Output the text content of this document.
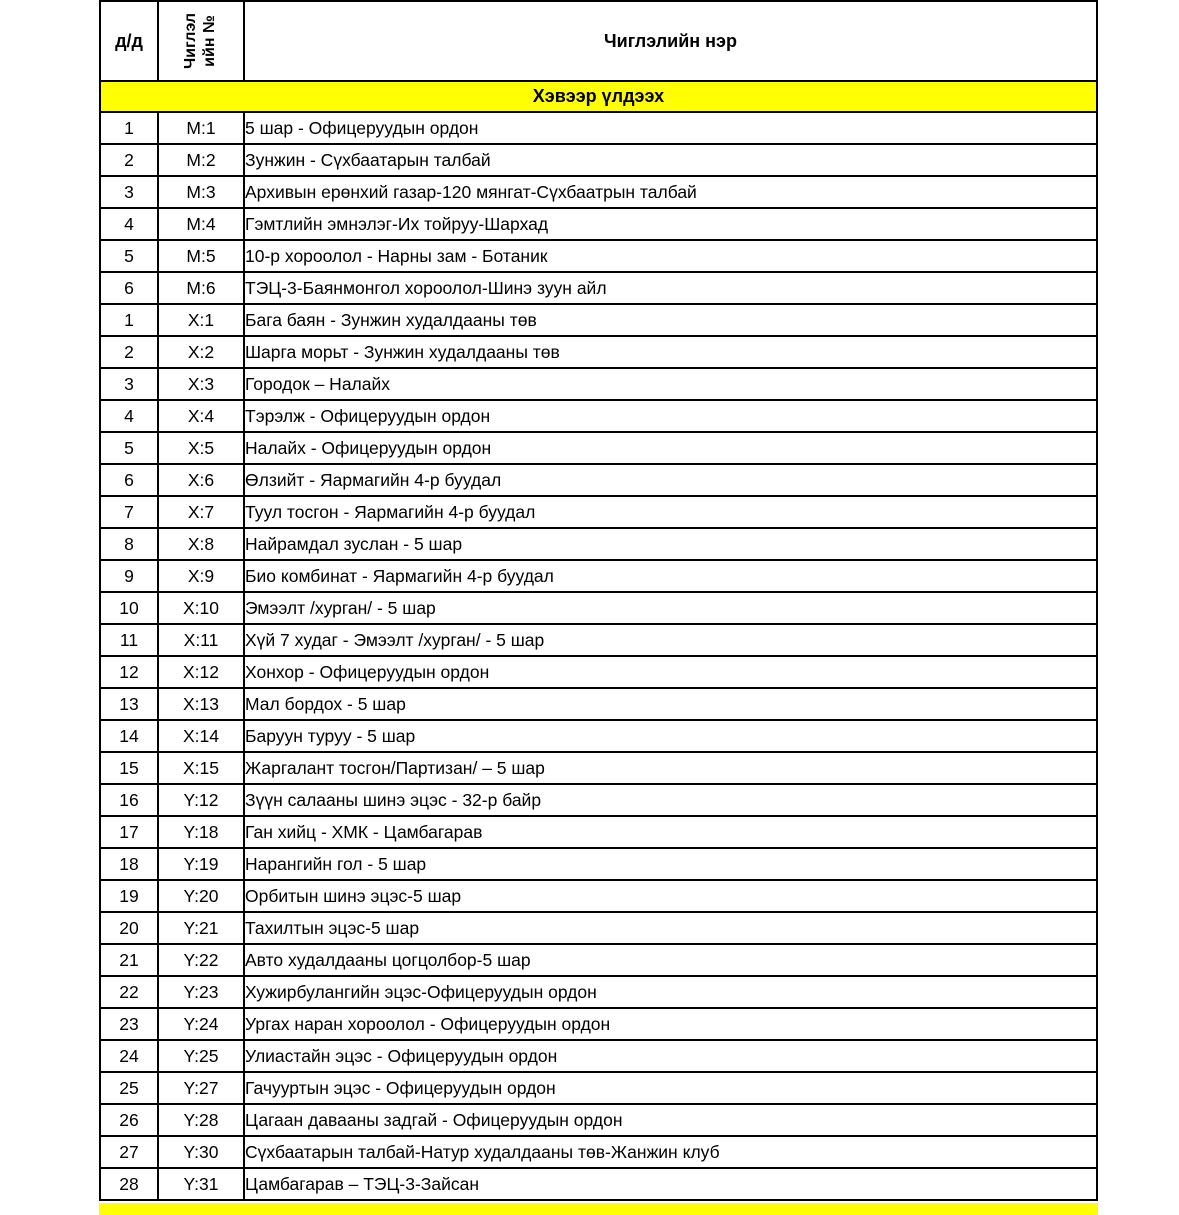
д/д	Чиглэл ийн №	Чиглэлийн нэр
Хэвээр үлдээх		
1	М:1	5 шар - Офицеруудын ордон
2	М:2	Зунжин - Сүхбаатарын талбай
3	М:3	Архивын ерөнхий газар-120 мянгат-Сүхбаатрын талбай
4	М:4	Гэмтлийн эмнэлэг-Их тойруу-Шархад
5	М:5	10-р хороолол - Нарны зам - Ботаник
6	М:6	ТЭЦ-3-Баянмонгол хороолол-Шинэ зуун айл
1	Х:1	Бага баян - Зунжин худалдааны төв
2	Х:2	Шарга морьт - Зунжин худалдааны төв
3	Х:3	Городок – Налайх
4	Х:4	Тэрэлж - Офицеруудын ордон
5	Х:5	Налайх - Офицеруудын ордон
6	Х:6	Өлзийт - Яармагийн 4-р буудал
7	Х:7	Туул тосгон - Яармагийн 4-р буудал
8	Х:8	Найрамдал зуслан - 5 шар
9	Х:9	Био комбинат - Яармагийн 4-р буудал
10	Х:10	Эмээлт /хурган/ - 5 шар
11	Х:11	Хүй 7 худаг - Эмээлт /хурган/ - 5 шар
12	Х:12	Хонхор - Офицеруудын ордон
13	Х:13	Мал бордох - 5 шар
14	Х:14	Баруун туруу - 5 шар
15	Х:15	Жаргалант тосгон/Партизан/ – 5 шар
16	Y:12	Зүүн салааны шинэ эцэс - 32-р байр
17	Y:18	Ган хийц - ХМК - Цамбагарав
18	Y:19	Нарангийн гол - 5 шар
19	Y:20	Орбитын шинэ эцэс-5 шар
20	Y:21	Тахилтын эцэс-5 шар
21	Y:22	Авто худалдааны цогцолбор-5 шар
22	Y:23	Хужирбулангийн эцэс-Офицеруудын ордон
23	Y:24	Ургах наран хороолол - Офицеруудын ордон
24	Y:25	Улиастайн эцэс - Офицеруудын ордон
25	Y:27	Гачууртын эцэс - Офицеруудын ордон
26	Y:28	Цагаан давааны задгай - Офицеруудын ордон
27	Y:30	Сүхбаатарын талбай-Натур худалдааны төв-Жанжин клуб
28	Y:31	Цамбагарав – ТЭЦ-3-Зайсан
